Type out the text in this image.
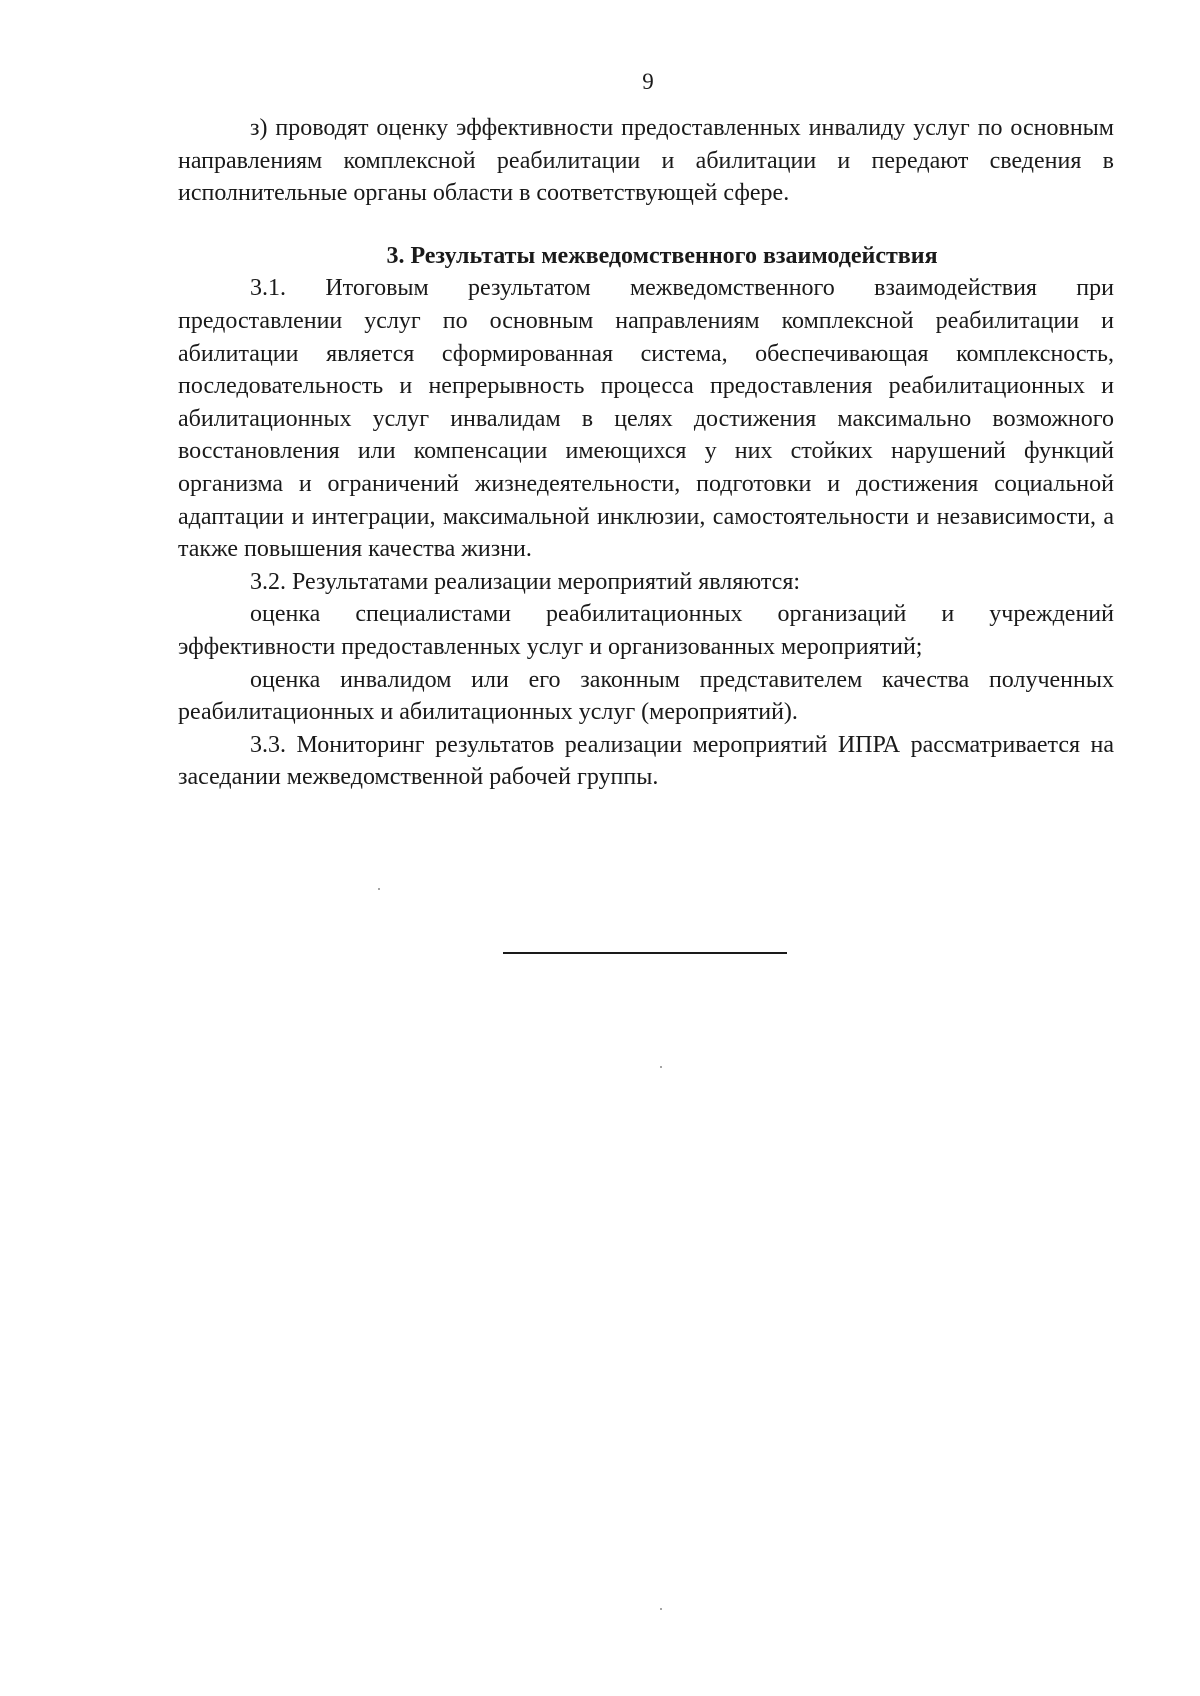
9

з) проводят оценку эффективности предоставленных инвалиду услуг по основным направлениям комплексной реабилитации и абилитации и передают сведения в исполнительные органы области в соответствующей сфере.

3. Результаты межведомственного взаимодействия

3.1. Итоговым результатом межведомственного взаимодействия при предоставлении услуг по основным направлениям комплексной реабилитации и абилитации является сформированная система, обеспечивающая комплексность, последовательность и непрерывность процесса предоставления реабилитационных и абилитационных услуг инвалидам в целях достижения максимально возможного восстановления или компенсации имеющихся у них стойких нарушений функций организма и ограничений жизнедеятельности, подготовки и достижения социальной адаптации и интеграции, максимальной инклюзии, самостоятельности и независимости, а также повышения качества жизни.

3.2. Результатами реализации мероприятий являются:

оценка специалистами реабилитационных организаций и учреждений эффективности предоставленных услуг и организованных мероприятий;

оценка инвалидом или его законным представителем качества полученных реабилитационных и абилитационных услуг (мероприятий).

3.3. Мониторинг результатов реализации мероприятий ИПРА рассматривается на заседании межведомственной рабочей группы.
